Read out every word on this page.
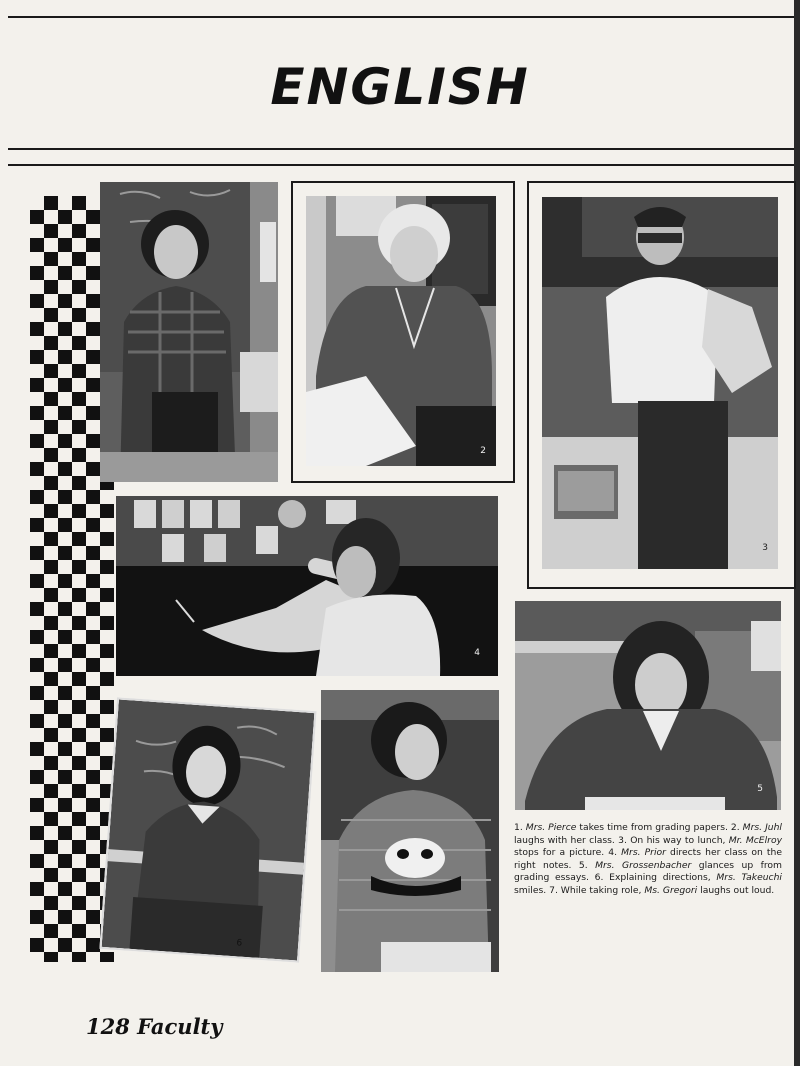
ENGLISH
2
3
4
5
6
1. Mrs. Pierce takes time from grading papers. 2. Mrs. Juhl laughs with her class. 3. On his way to lunch, Mr. McElroy stops for a picture. 4. Mrs. Prior directs her class on the right notes. 5. Mrs. Grossenbacher glances up from grading essays. 6. Explaining directions, Mrs. Takeuchi smiles. 7. While taking role, Ms. Gregori laughs out loud.
128 Faculty
